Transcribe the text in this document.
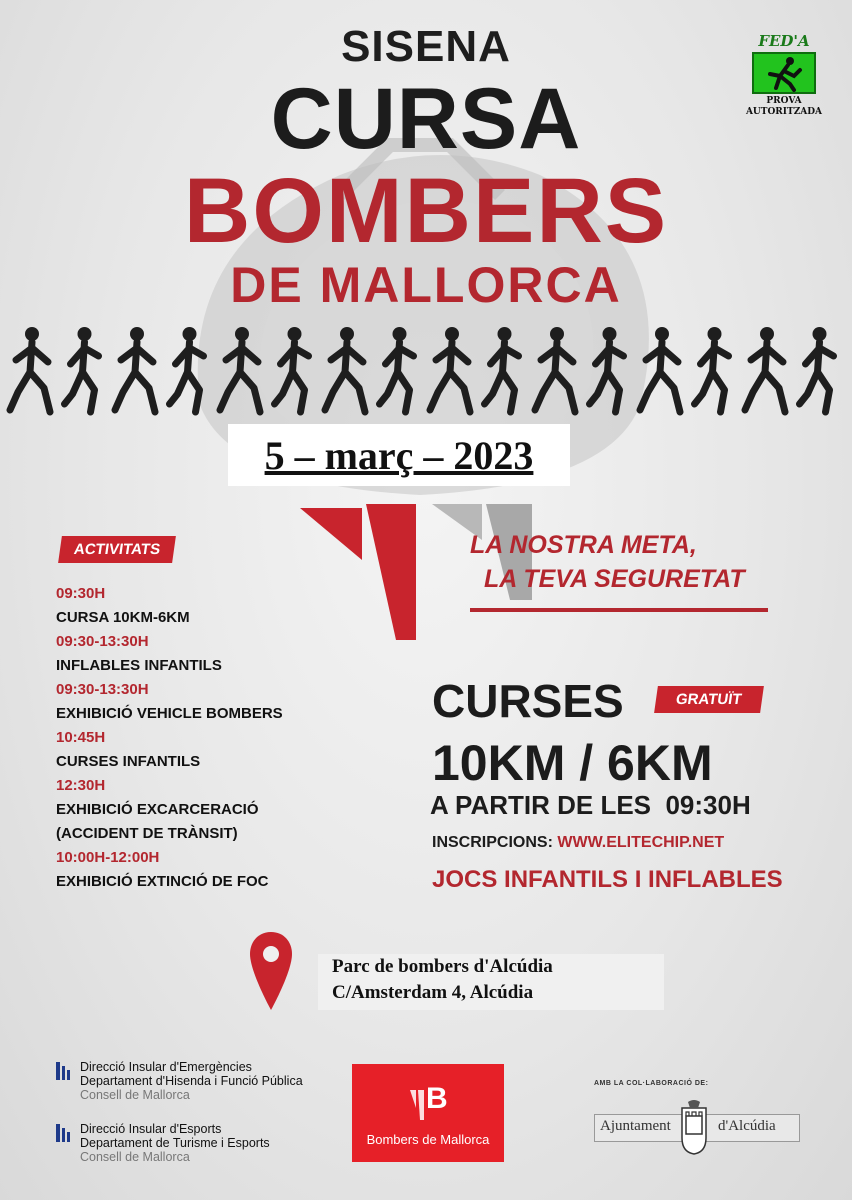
SISENA
CURSA
BOMBERS
DE MALLORCA
FED'A
PROVA AUTORITZADA
5 – març – 2023
LA NOSTRA META,
LA TEVA SEGURETAT
ACTIVITATS
09:30H
CURSA 10KM-6KM
09:30-13:30H
INFLABLES INFANTILS
09:30-13:30H
EXHIBICIÓ VEHICLE BOMBERS
10:45H
CURSES INFANTILS
12:30H
EXHIBICIÓ EXCARCERACIÓ
(ACCIDENT DE TRÀNSIT)
10:00H-12:00H
EXHIBICIÓ EXTINCIÓ DE FOC
CURSES	GRATUÏT
10KM / 6KM
A PARTIR DE LES  09:30H
INSCRIPCIONS: WWW.ELITECHIP.NET
JOCS INFANTILS I INFLABLES
Parc de bombers d'Alcúdia
C/Amsterdam 4, Alcúdia
Direcció Insular d'Emergències
Departament d'Hisenda i Funció Pública
Consell de Mallorca
Direcció Insular d'Esports
Departament de Turisme i Esports
Consell de Mallorca
B
Bombers de Mallorca
AMB LA COL·LABORACIÓ DE:
Ajuntament	d'Alcúdia
